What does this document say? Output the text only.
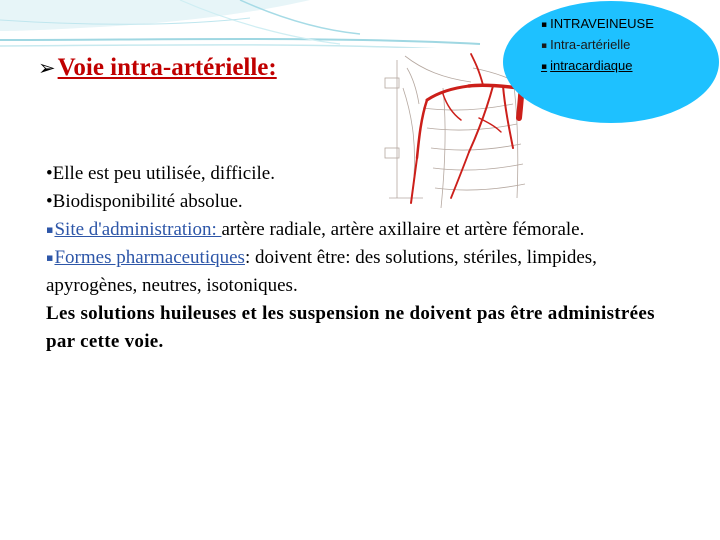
➢Voie intra-artérielle:
▪ INTRAVEINEUSE
▪ Intra-artérielle
▪ intracardiaque

•Elle est peu utilisée, difficile.

•Biodisponibilité absolue.

▪Site d'administration: artère radiale, artère axillaire et artère fémorale.

▪Formes pharmaceutiques: doivent être: des solutions, stériles, limpides, apyrogènes, neutres, isotoniques.

Les solutions huileuses et les suspension ne doivent pas être administrées par cette voie.
